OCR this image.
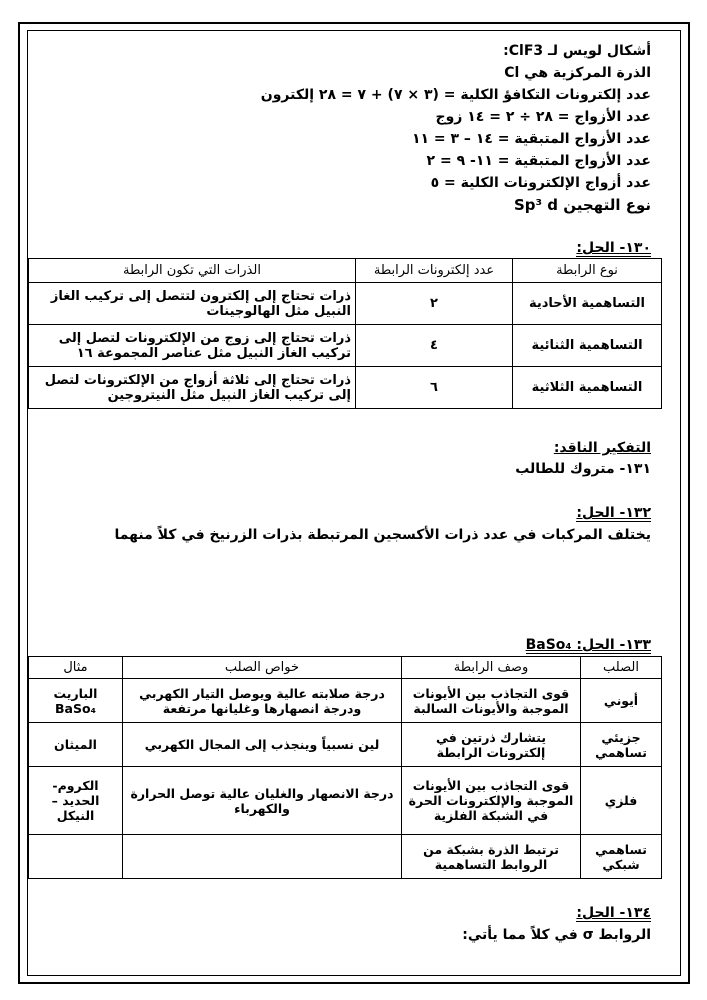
أشكال لويس لـ ClF3:
الذرة المركزية هي Cl
عدد إلكترونات التكافؤ الكلية = (٣ × ٧) + ٧ = ٢٨ إلكترون
عدد الأزواج = ٢٨ ÷ ٢ = ١٤ زوج
عدد الأزواج المتبقية = ١٤ – ٣ = ١١
عدد الأزواج المتبقية = ١١- ٩ = ٢
عدد أزواج الإلكترونات الكلية = ٥
نوع التهجين Sp³ d
١٣٠- الحل:
نوع الرابطة	عدد إلكترونات الرابطة	الذرات التي تكون الرابطة
التساهمية الأحادية	٢	ذرات تحتاج إلى إلكترون لتتصل إلى تركيب الغاز النبيل مثل الهالوجينات
التساهمية الثنائية	٤	ذرات تحتاج إلى زوج من الإلكترونات لتصل إلى تركيب الغاز النبيل مثل عناصر المجموعة ١٦
التساهمية الثلاثية	٦	ذرات تحتاج إلى ثلاثة أزواج من الإلكترونات لتصل إلى تركيب الغاز النبيل مثل النيتروجين
التفكير الناقد:
١٣١- متروك للطالب
١٣٢- الحل:
يختلف المركبات في عدد ذرات الأكسجين المرتبطة بذرات الزرنيخ في كلاً منهما
١٣٣- الحل: BaSo₄
الصلب	وصف الرابطة	خواص الصلب	مثال
أيوني	قوى التجاذب بين الأيونات الموجبة والأيونات السالبة	درجة صلابته عالية ويوصل التيار الكهربي ودرجة انصهارها وغليانها مرتفعة	الباريت BaSo₄
جزيئي تساهمي	يتشارك ذرتين في إلكترونات الرابطة	لين نسبياً وينجذب إلى المجال الكهربي	الميثان
فلزي	قوى التجاذب بين الأيونات الموجبة والإلكترونات الحرة في الشبكة الفلزية	درجة الانصهار والغليان عالية توصل الحرارة والكهرباء	الكروم- الحديد – النيكل
تساهمي شبكي	ترتبط الذرة بشبكة من الروابط التساهمية		
١٣٤- الحل:
الروابط σ في كلاً مما يأتي:
